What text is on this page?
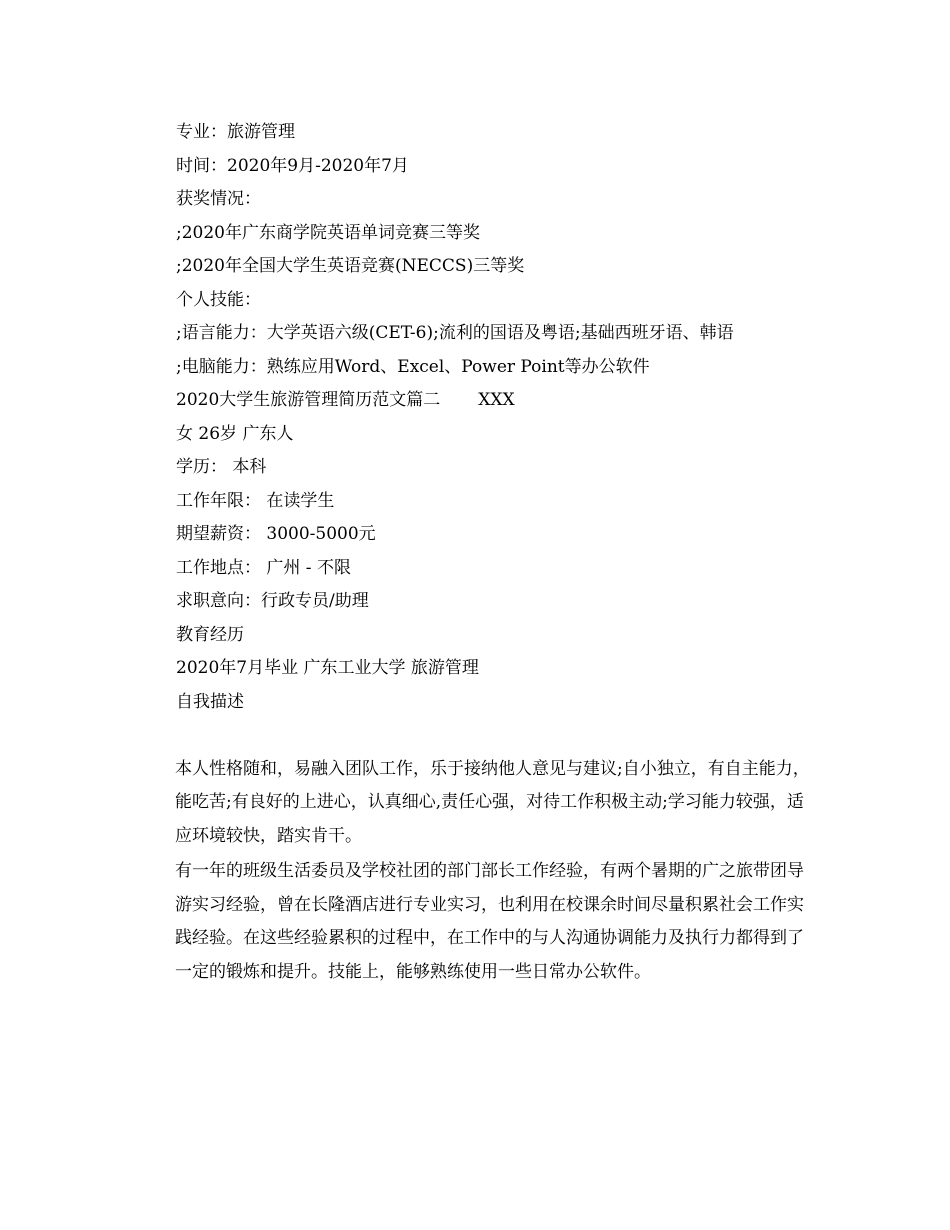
专业：旅游管理

时间：2020年9月-2020年7月

获奖情况：

;2020年广东商学院英语单词竞赛三等奖

;2020年全国大学生英语竞赛(NECCS)三等奖

个人技能：

;语言能力：大学英语六级(CET-6);流利的国语及粤语;基础西班牙语、韩语

;电脑能力：熟练应用Word、Excel、Power Point等办公软件

2020大学生旅游管理简历范文篇二 XXX

女 26岁 广东人

学历： 本科

工作年限： 在读学生

期望薪资： 3000-5000元

工作地点： 广州 - 不限

求职意向：行政专员/助理

教育经历

2020年7月毕业 广东工业大学 旅游管理

自我描述

本人性格随和，易融入团队工作，乐于接纳他人意见与建议;自小独立，有自主能力，能吃苦;有良好的上进心，认真细心,责任心强，对待工作积极主动;学习能力较强，适应环境较快，踏实肯干。

有一年的班级生活委员及学校社团的部门部长工作经验，有两个暑期的广之旅带团导游实习经验，曾在长隆酒店进行专业实习，也利用在校课余时间尽量积累社会工作实践经验。在这些经验累积的过程中，在工作中的与人沟通协调能力及执行力都得到了一定的锻炼和提升。技能上，能够熟练使用一些日常办公软件。
